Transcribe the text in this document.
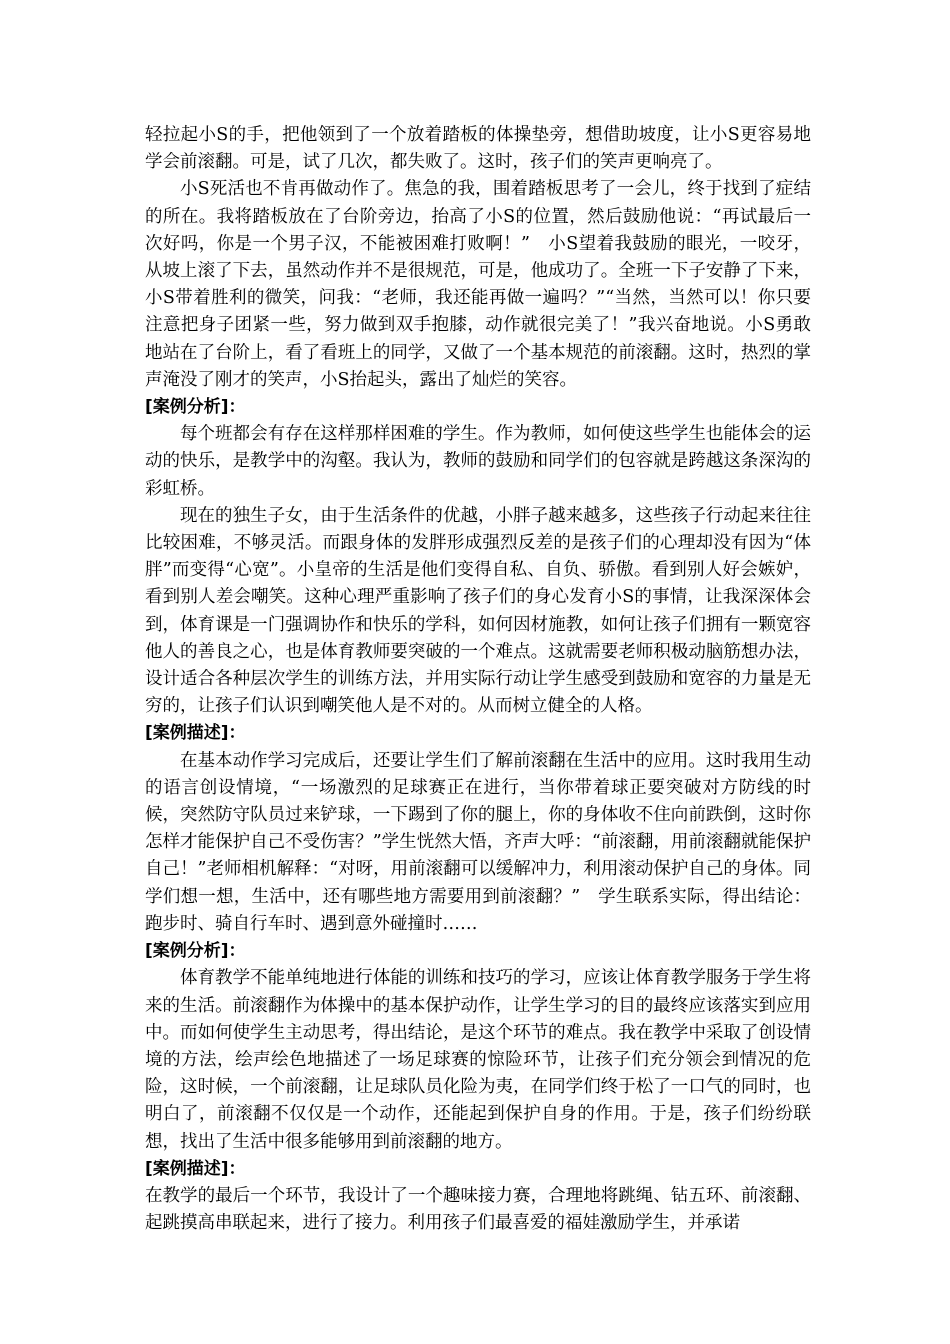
轻拉起小S的手，把他领到了一个放着踏板的体操垫旁，想借助坡度，让小S更容易地学会前滚翻。可是，试了几次，都失败了。这时，孩子们的笑声更响亮了。

小S死活也不肯再做动作了。焦急的我，围着踏板思考了一会儿，终于找到了症结的所在。我将踏板放在了台阶旁边，抬高了小S的位置，然后鼓励他说：“再试最后一次好吗，你是一个男子汉，不能被困难打败啊！”　小S望着我鼓励的眼光，一咬牙，从坡上滚了下去，虽然动作并不是很规范，可是，他成功了。全班一下子安静了下来，小S带着胜利的微笑，问我：“老师，我还能再做一遍吗？”“当然，当然可以！你只要注意把身子团紧一些，努力做到双手抱膝，动作就很完美了！”我兴奋地说。小S勇敢地站在了台阶上，看了看班上的同学，又做了一个基本规范的前滚翻。这时，热烈的掌声淹没了刚才的笑声，小S抬起头，露出了灿烂的笑容。

[案例分析]：

每个班都会有存在这样那样困难的学生。作为教师，如何使这些学生也能体会的运动的快乐，是教学中的沟壑。我认为，教师的鼓励和同学们的包容就是跨越这条深沟的彩虹桥。

现在的独生子女，由于生活条件的优越，小胖子越来越多，这些孩子行动起来往往比较困难，不够灵活。而跟身体的发胖形成强烈反差的是孩子们的心理却没有因为“体胖”而变得“心宽”。小皇帝的生活是他们变得自私、自负、骄傲。看到别人好会嫉妒，看到别人差会嘲笑。这种心理严重影响了孩子们的身心发育小S的事情，让我深深体会到，体育课是一门强调协作和快乐的学科，如何因材施教，如何让孩子们拥有一颗宽容他人的善良之心，也是体育教师要突破的一个难点。这就需要老师积极动脑筋想办法，设计适合各种层次学生的训练方法，并用实际行动让学生感受到鼓励和宽容的力量是无穷的，让孩子们认识到嘲笑他人是不对的。从而树立健全的人格。

[案例描述]：

在基本动作学习完成后，还要让学生们了解前滚翻在生活中的应用。这时我用生动的语言创设情境，“一场激烈的足球赛正在进行，当你带着球正要突破对方防线的时候，突然防守队员过来铲球，一下踢到了你的腿上，你的身体收不住向前跌倒，这时你怎样才能保护自己不受伤害？”学生恍然大悟，齐声大呼：“前滚翻，用前滚翻就能保护自己！”老师相机解释：“对呀，用前滚翻可以缓解冲力，利用滚动保护自己的身体。同学们想一想，生活中，还有哪些地方需要用到前滚翻？”　学生联系实际，得出结论：跑步时、骑自行车时、遇到意外碰撞时……

[案例分析]：

体育教学不能单纯地进行体能的训练和技巧的学习，应该让体育教学服务于学生将来的生活。前滚翻作为体操中的基本保护动作，让学生学习的目的最终应该落实到应用中。而如何使学生主动思考，得出结论，是这个环节的难点。我在教学中采取了创设情境的方法，绘声绘色地描述了一场足球赛的惊险环节，让孩子们充分领会到情况的危险，这时候，一个前滚翻，让足球队员化险为夷，在同学们终于松了一口气的同时，也明白了，前滚翻不仅仅是一个动作，还能起到保护自身的作用。于是，孩子们纷纷联想，找出了生活中很多能够用到前滚翻的地方。

[案例描述]：

在教学的最后一个环节，我设计了一个趣味接力赛，合理地将跳绳、钻五环、前滚翻、起跳摸高串联起来，进行了接力。利用孩子们最喜爱的福娃激励学生，并承诺
